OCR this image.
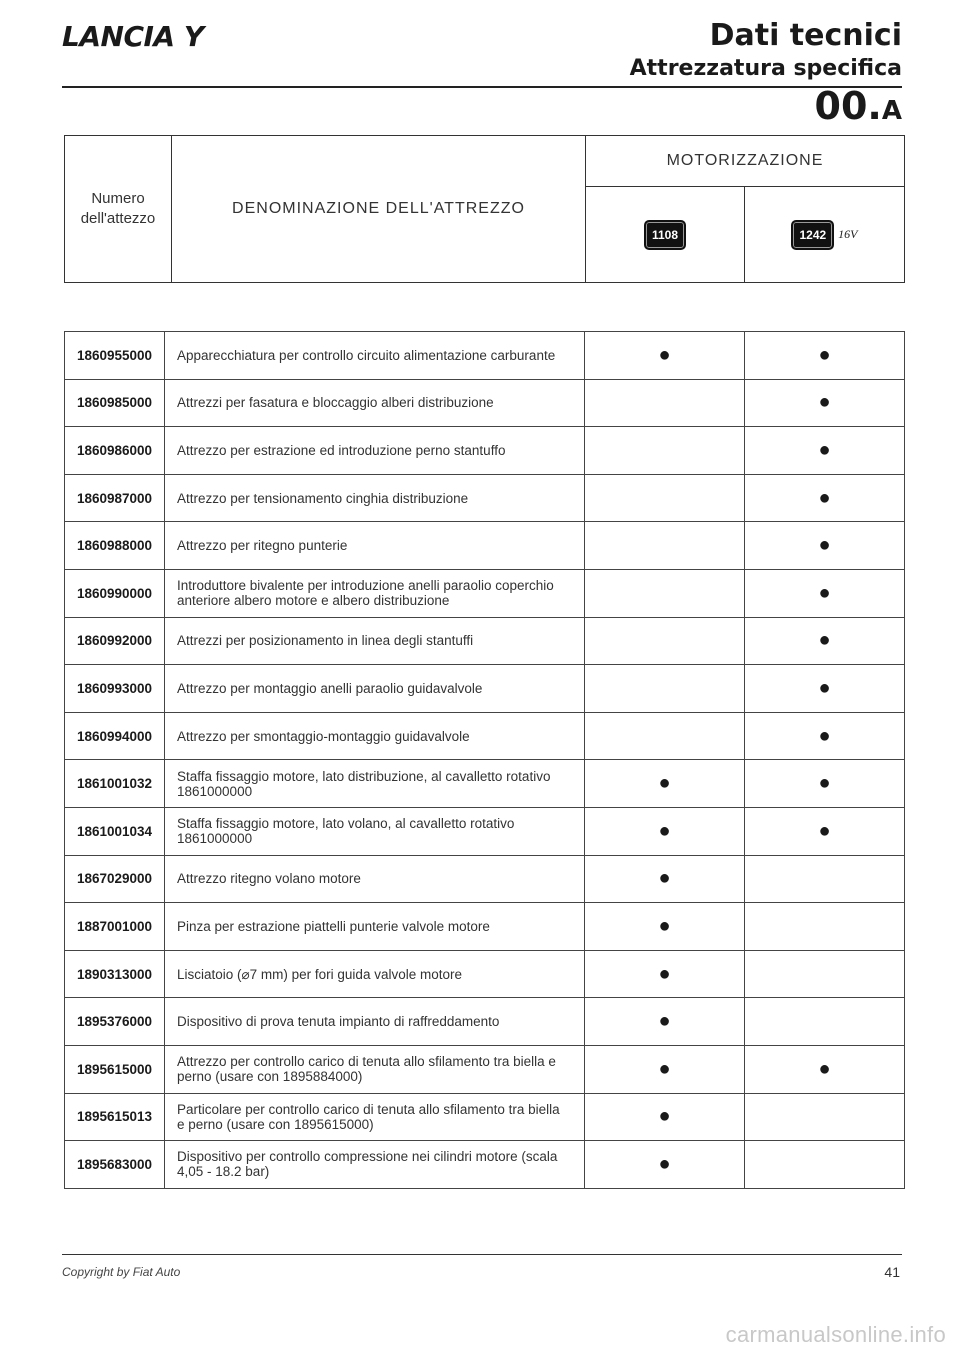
LANCIA Y	Dati tecnici
Attrezzatura specifica
00.A
Numero
dell'attezzo	DENOMINAZIONE DELL'ATTREZZO	MOTORIZZAZIONE	

		1108	1242 16V
1860955000	Apparecchiatura per controllo circuito alimentazione carburante	●	●
1860985000	Attrezzi per fasatura e bloccaggio alberi distribuzione		●
1860986000	Attrezzo per estrazione ed introduzione perno stantuffo		●
1860987000	Attrezzo per tensionamento cinghia distribuzione		●
1860988000	Attrezzo per ritegno punterie		●
1860990000	Introduttore bivalente per introduzione anelli paraolio coperchio anteriore albero motore e albero distribuzione		●
1860992000	Attrezzi per posizionamento in linea degli stantuffi		●
1860993000	Attrezzo per montaggio anelli paraolio guidavalvole		●
1860994000	Attrezzo per smontaggio-montaggio guidavalvole		●
1861001032	Staffa fissaggio motore, lato distribuzione, al cavalletto rotativo 1861000000	●	●
1861001034	Staffa fissaggio motore, lato volano, al cavalletto rotativo 1861000000	●	●
1867029000	Attrezzo ritegno volano motore	●	
1887001000	Pinza per estrazione piattelli punterie valvole motore	●	
1890313000	Lisciatoio (⌀7 mm) per fori guida valvole motore	●	
1895376000	Dispositivo di prova tenuta impianto di raffreddamento	●	
1895615000	Attrezzo per controllo carico di tenuta allo sfilamento tra biella e perno (usare con 1895884000)	●	●
1895615013	Particolare per controllo carico di tenuta allo sfilamento tra biella e perno (usare con 1895615000)	●	
1895683000	Dispositivo per controllo compressione nei cilindri motore (scala 4,05 - 18.2 bar)	●	
Copyright by Fiat Auto	41
carmanualsonline.info
